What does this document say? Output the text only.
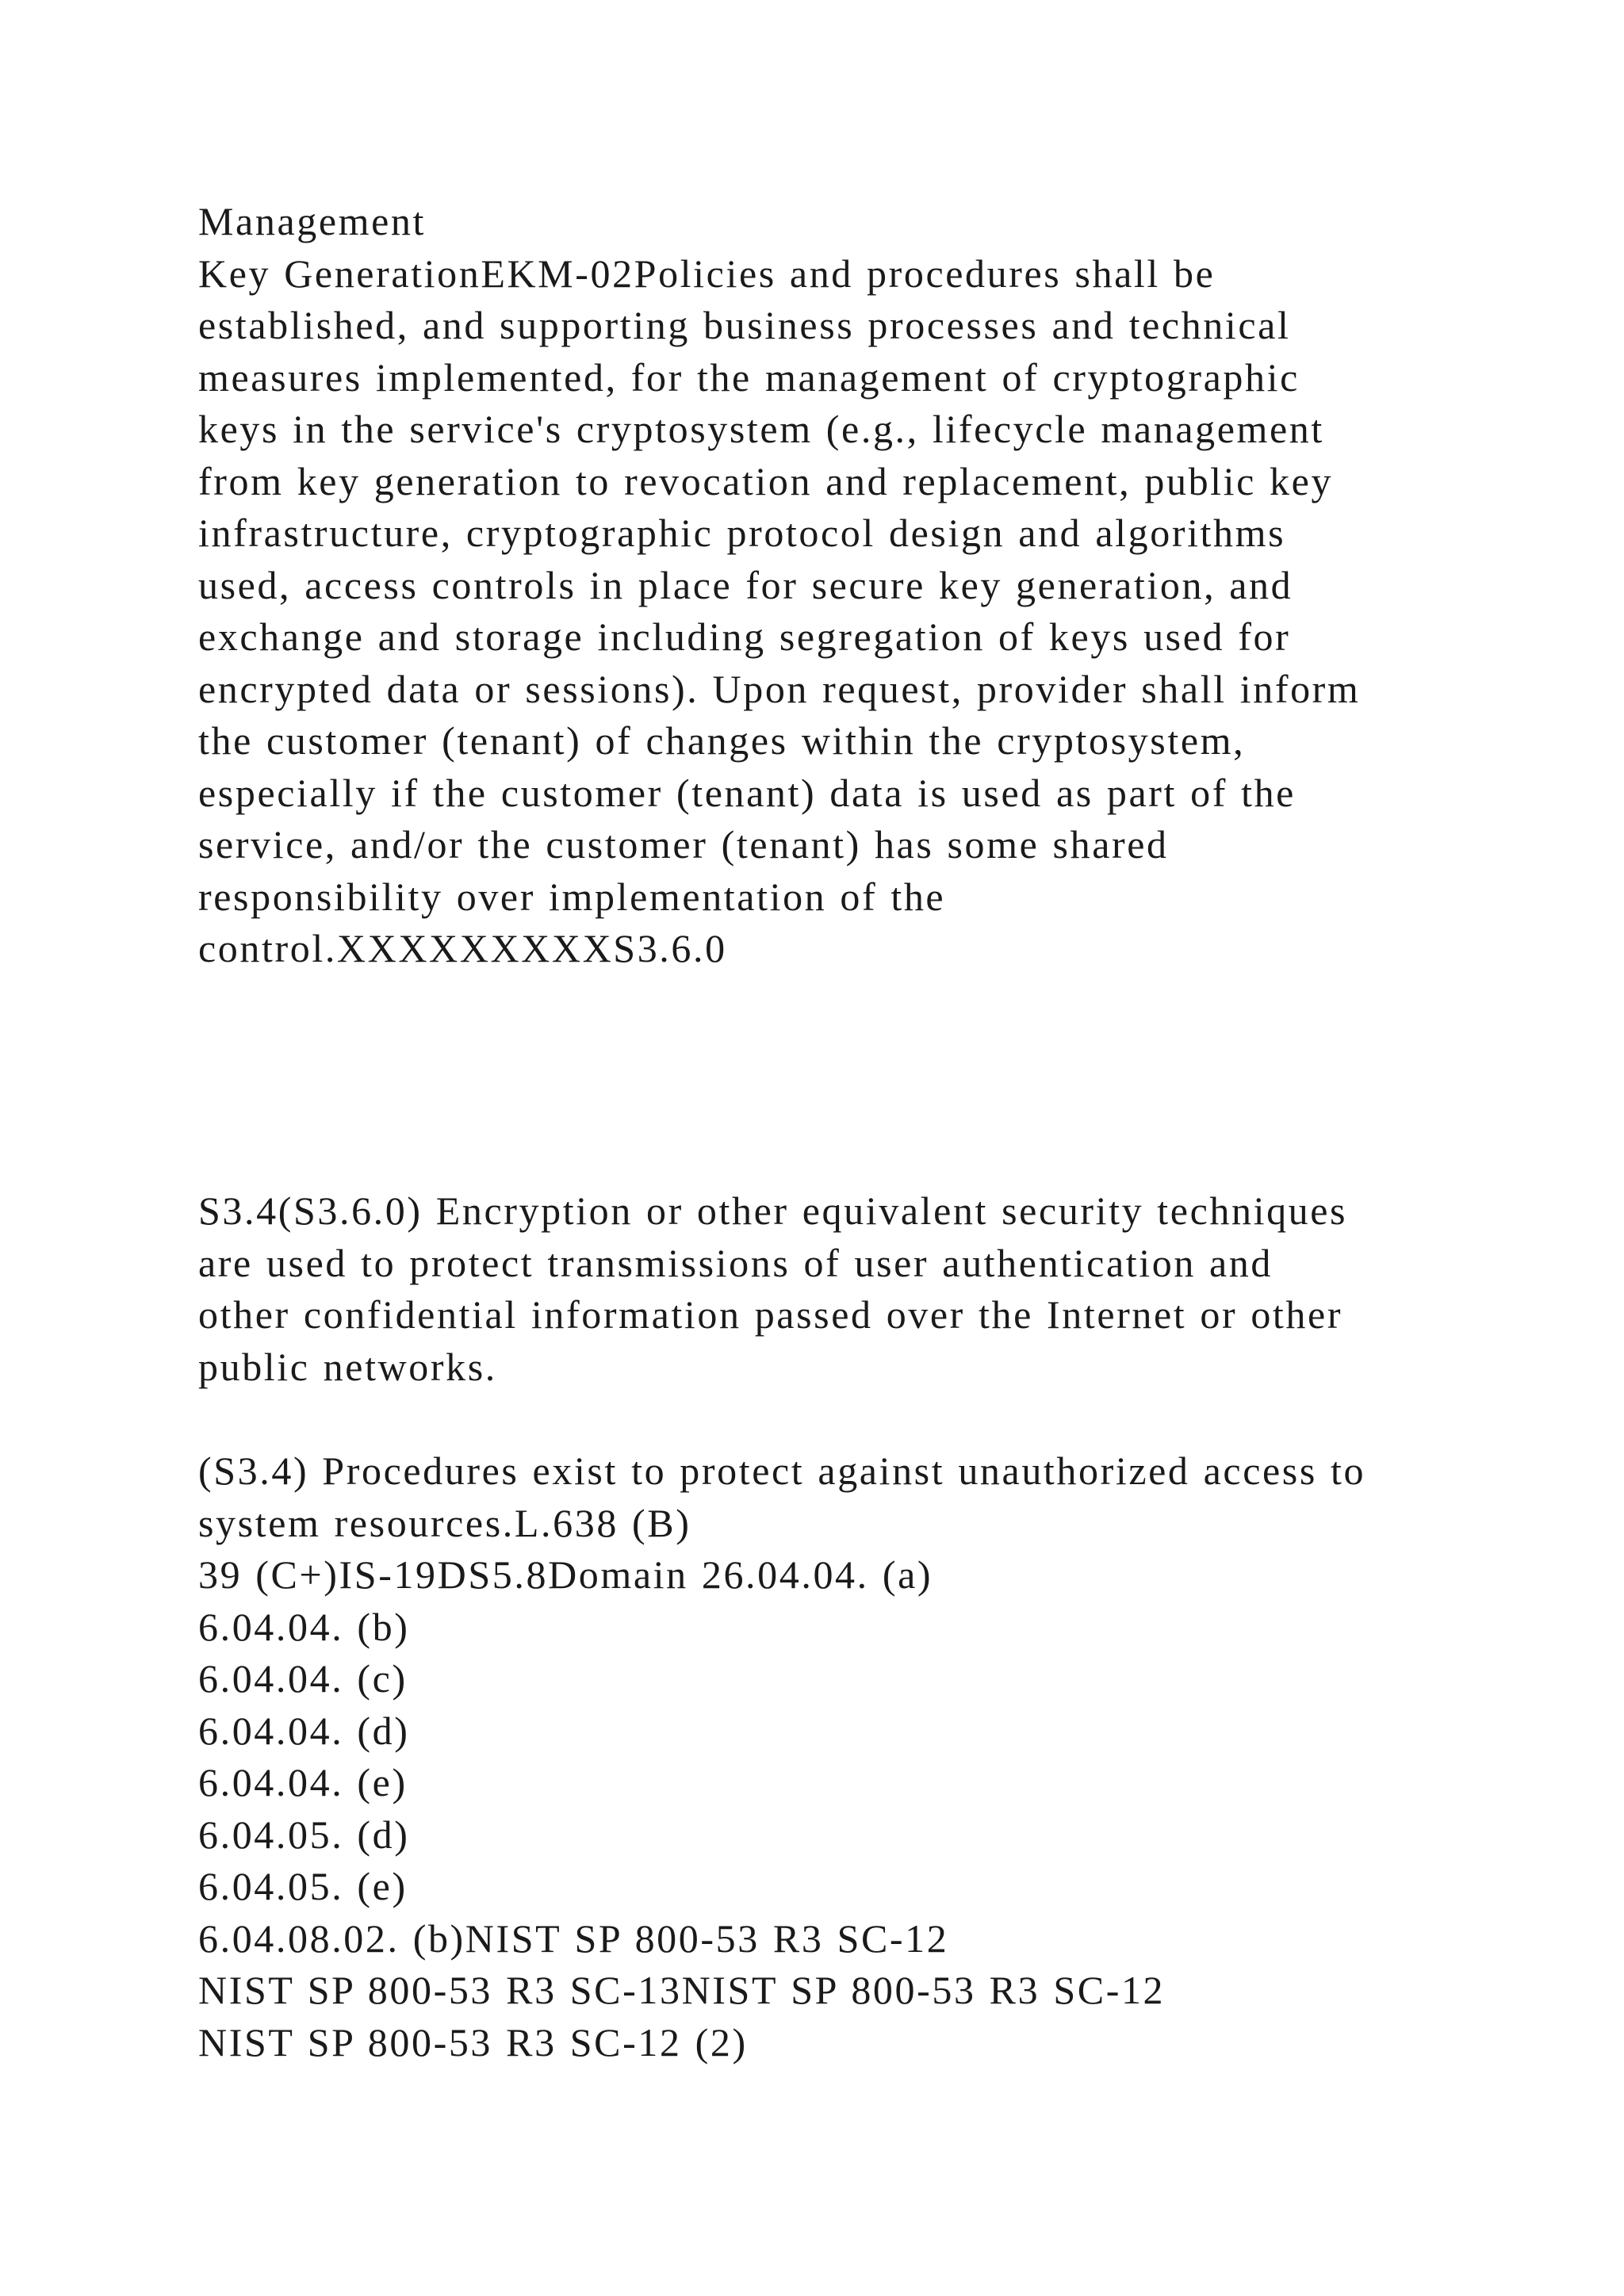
Management
Key GenerationEKM-02Policies and procedures shall be
established, and supporting business processes and technical
measures implemented, for the management of cryptographic
keys in the service's cryptosystem (e.g., lifecycle management
from key generation to revocation and replacement, public key
infrastructure, cryptographic protocol design and algorithms
used, access controls in place for secure key generation, and
exchange and storage including segregation of keys used for
encrypted data or sessions). Upon request, provider shall inform
the customer (tenant) of changes within the cryptosystem,
especially if the customer (tenant) data is used as part of the
service, and/or the customer (tenant) has some shared
responsibility over implementation of the
control.XXXXXXXXXS3.6.0
S3.4(S3.6.0) Encryption or other equivalent security techniques
are used to protect transmissions of user authentication and
other confidential information passed over the Internet or other
public networks.
(S3.4) Procedures exist to protect against unauthorized access to
system resources.L.638 (B)
39 (C+)IS-19DS5.8Domain 26.04.04. (a)
6.04.04. (b)
6.04.04. (c)
6.04.04. (d)
6.04.04. (e)
6.04.05. (d)
6.04.05. (e)
6.04.08.02. (b)NIST SP 800-53 R3 SC-12
NIST SP 800-53 R3 SC-13NIST SP 800-53 R3 SC-12
NIST SP 800-53 R3 SC-12 (2)
